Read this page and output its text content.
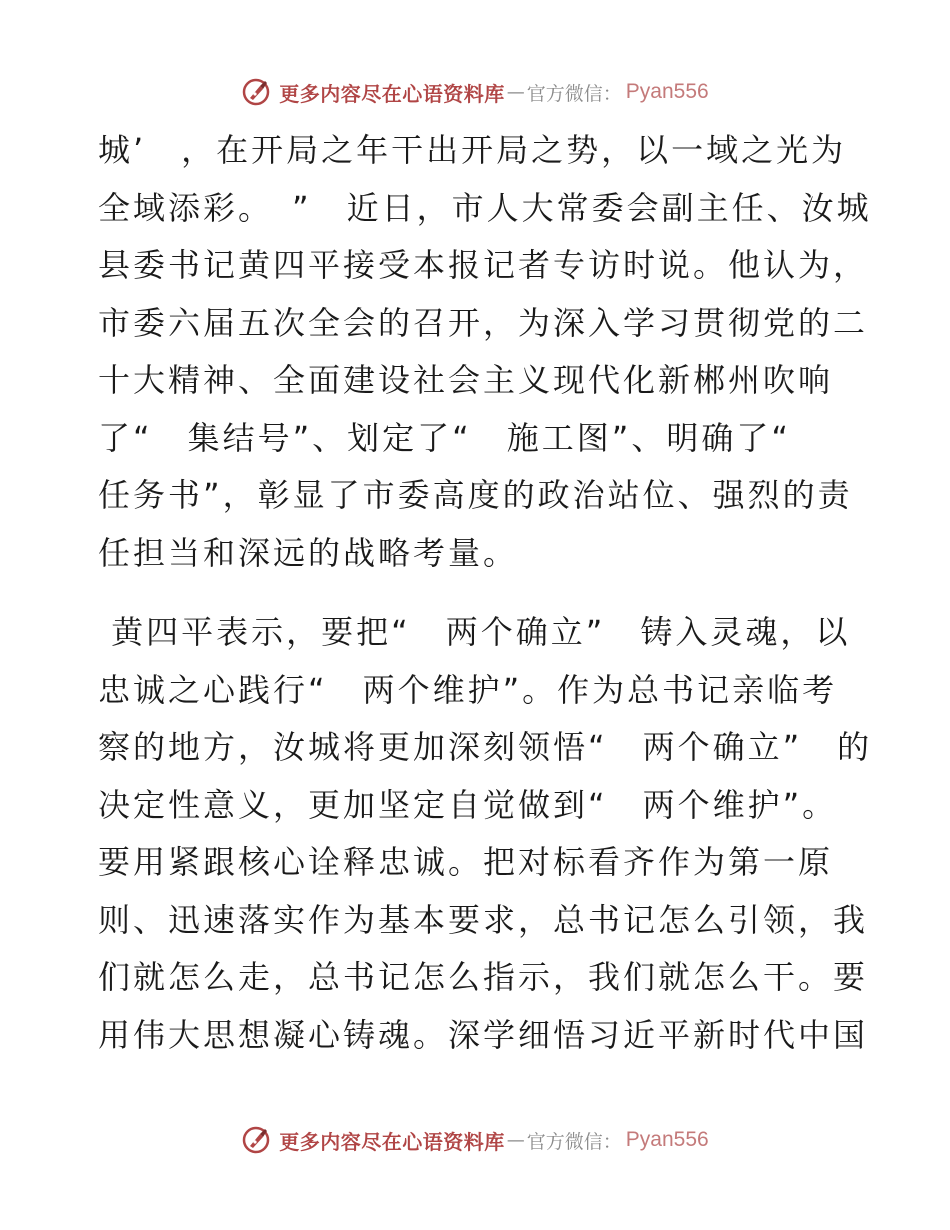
更多内容尽在心语资料库 — 官方微信： Pyan556
城’　，在开局之年干出开局之势，以一域之光为
全域添彩。　”　近日，市人大常委会副主任、汝城
县委书记黄四平接受本报记者专访时说。他认为，
市委六届五次全会的召开，为深入学习贯彻党的二
十大精神、全面建设社会主义现代化新郴州吹响
了“　集结号”、划定了“　施工图”、明确了“
任务书”，彰显了市委高度的政治站位、强烈的责
任担当和深远的战略考量。
黄四平表示，要把“　两个确立”　铸入灵魂，以
忠诚之心践行“　两个维护”。作为总书记亲临考
察的地方，汝城将更加深刻领悟“　两个确立”　的
决定性意义，更加坚定自觉做到“　两个维护”。
要用紧跟核心诠释忠诚。把对标看齐作为第一原
则、迅速落实作为基本要求，总书记怎么引领，我
们就怎么走，总书记怎么指示，我们就怎么干。要
用伟大思想凝心铸魂。深学细悟习近平新时代中国
更多内容尽在心语资料库 — 官方微信： Pyan556
